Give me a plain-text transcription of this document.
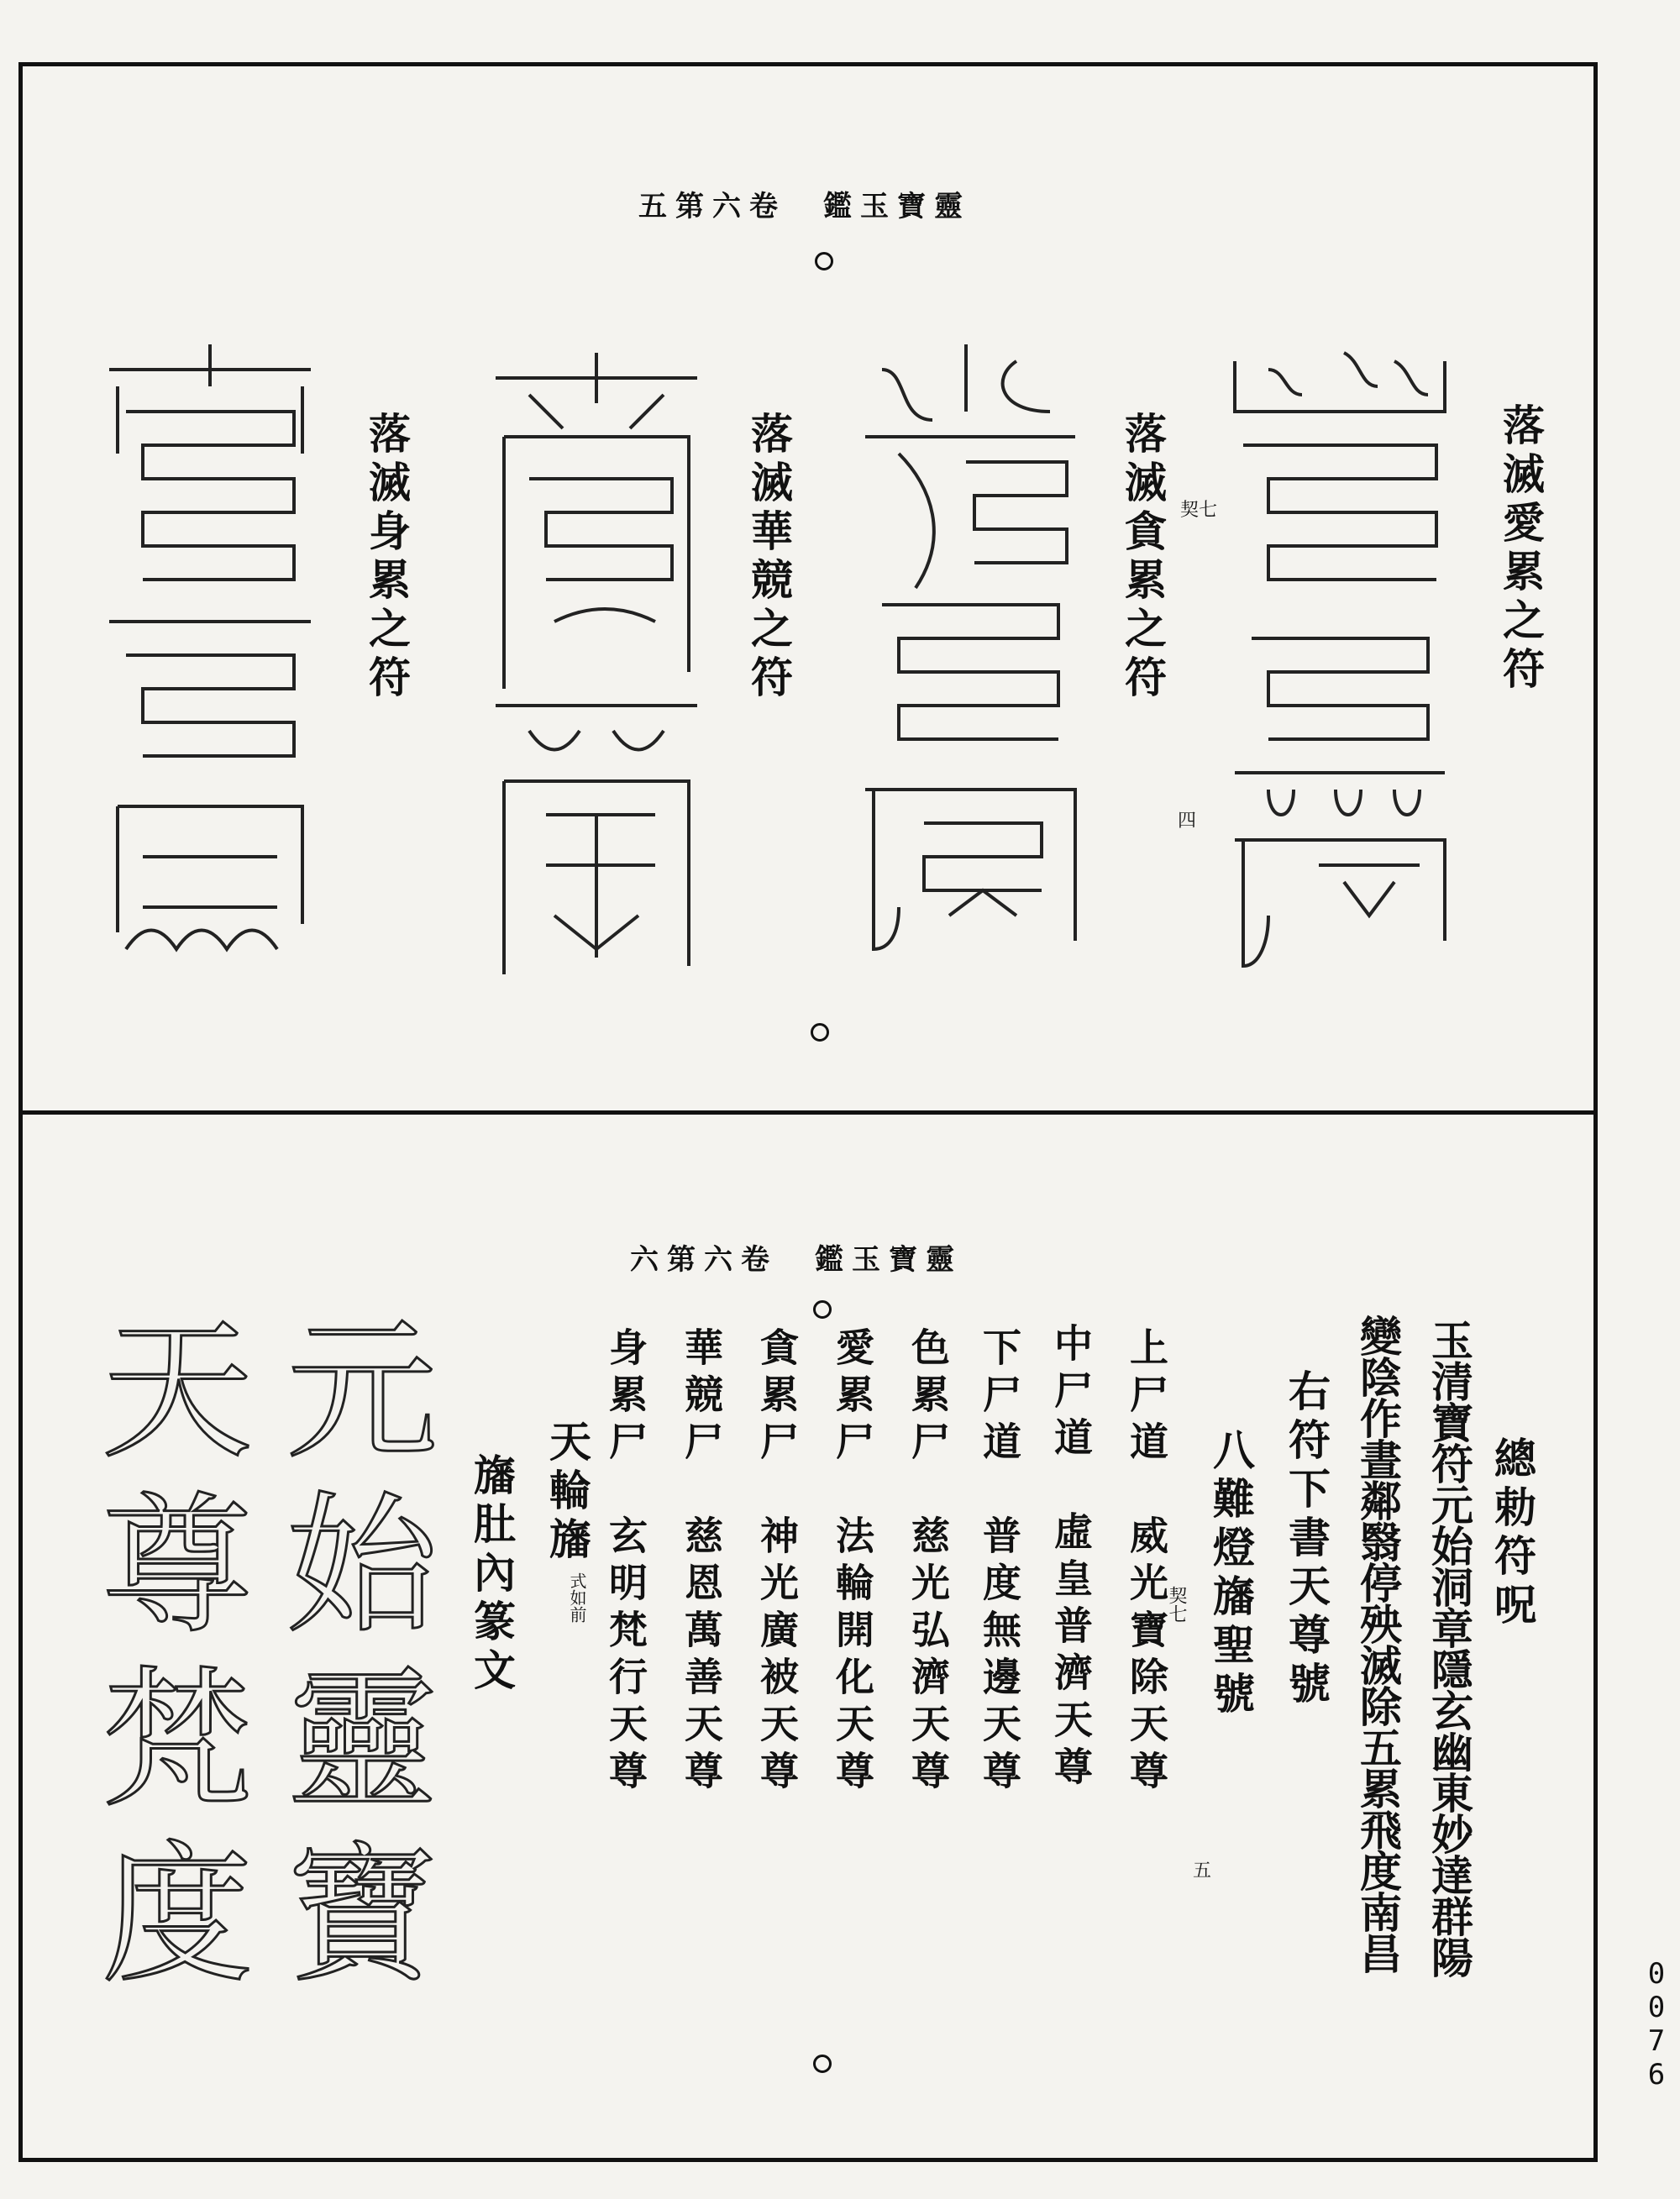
0
0
7
6
五第六卷　鑑玉寶靈
落滅愛累之符
落滅貪累之符 契七
四
落滅華競之符
落滅身累之符
六第六卷　鑑玉寶靈
總勅符呪
玉清寶符元始洞章隱玄幽東妙達群陽
變陰作晝鄰翳停殃滅除五累飛度南昌
右符下書天尊號
八難燈旛聖號
契七
上尸道　威光寶除天尊
中尸道　虛皇普濟天尊
下尸道　普度無邊天尊
色累尸　慈光弘濟天尊
愛累尸　法輪開化天尊
貪累尸　神光廣被天尊
華競尸　慈恩萬善天尊
身累尸　玄明梵行天尊
五
天輪旛
式如前
旛肚內篆文
元始靈寶
天尊梵度
